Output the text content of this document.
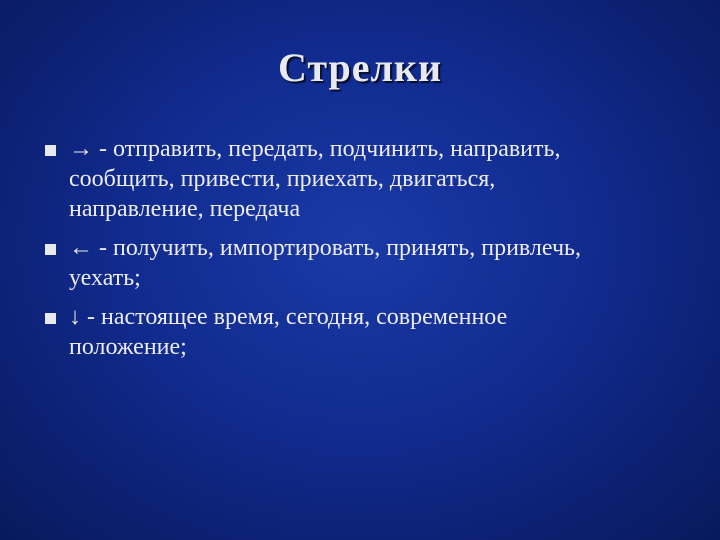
Стрелки
→ - отправить, передать, подчинить, направить, сообщить, привести, приехать, двигаться, направление, передача
← - получить, импортировать, принять, привлечь, уехать;
↓ - настоящее время, сегодня, современное положение;
